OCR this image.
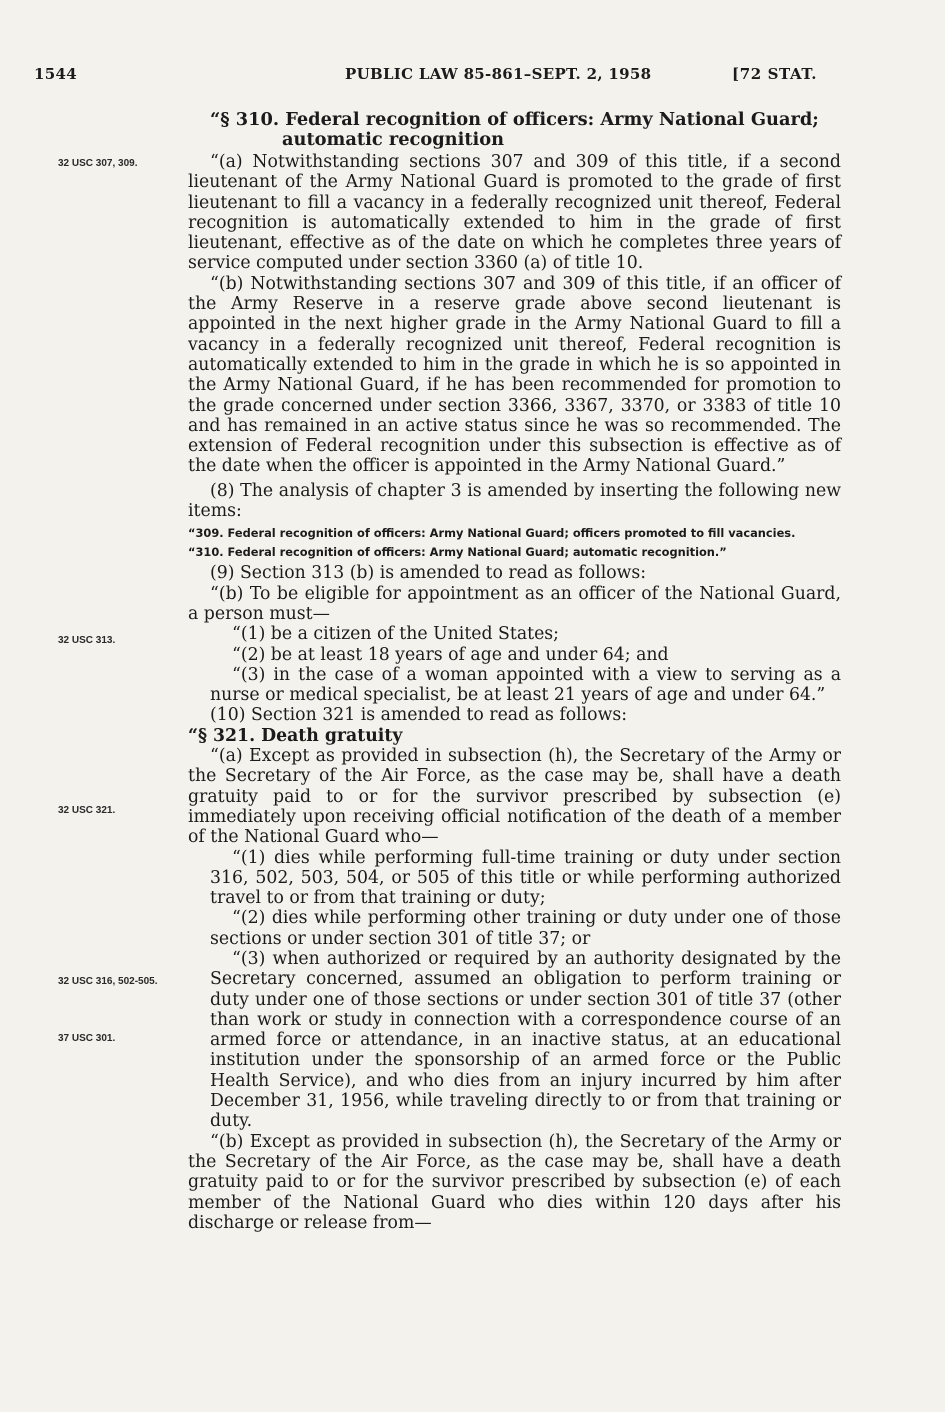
1544	PUBLIC LAW 85-861–SEPT. 2, 1958	[72 STAT.
32 USC 307, 309.
32 USC 313.
32 USC 321.
32 USC 316, 502-505.
37 USC 301.

“§ 310. Federal recognition of officers: Army National Guard; automatic recognition

“(a) Notwithstanding sections 307 and 309 of this title, if a second lieutenant of the Army National Guard is promoted to the grade of first lieutenant to fill a vacancy in a federally recognized unit thereof, Federal recognition is automatically extended to him in the grade of first lieutenant, effective as of the date on which he completes three years of service computed under section 3360 (a) of title 10.

“(b) Notwithstanding sections 307 and 309 of this title, if an officer of the Army Reserve in a reserve grade above second lieutenant is appointed in the next higher grade in the Army National Guard to fill a vacancy in a federally recognized unit thereof, Federal recognition is automatically extended to him in the grade in which he is so appointed in the Army National Guard, if he has been recommended for promotion to the grade concerned under section 3366, 3367, 3370, or 3383 of title 10 and has remained in an active status since he was so recommended. The extension of Federal recognition under this subsection is effective as of the date when the officer is appointed in the Army National Guard.”

(8) The analysis of chapter 3 is amended by inserting the following new items:

“309. Federal recognition of officers: Army National Guard; officers promoted to fill vacancies.

“310. Federal recognition of officers: Army National Guard; automatic recognition.”

(9) Section 313 (b) is amended to read as follows:

“(b) To be eligible for appointment as an officer of the National Guard, a person must—

“(1) be a citizen of the United States;

“(2) be at least 18 years of age and under 64; and

“(3) in the case of a woman appointed with a view to serving as a nurse or medical specialist, be at least 21 years of age and under 64.”

(10) Section 321 is amended to read as follows:

“§ 321. Death gratuity

“(a) Except as provided in subsection (h), the Secretary of the Army or the Secretary of the Air Force, as the case may be, shall have a death gratuity paid to or for the survivor prescribed by subsection (e) immediately upon receiving official notification of the death of a member of the National Guard who—

“(1) dies while performing full-time training or duty under section 316, 502, 503, 504, or 505 of this title or while performing authorized travel to or from that training or duty;

“(2) dies while performing other training or duty under one of those sections or under section 301 of title 37; or

“(3) when authorized or required by an authority designated by the Secretary concerned, assumed an obligation to perform training or duty under one of those sections or under section 301 of title 37 (other than work or study in connection with a correspondence course of an armed force or attendance, in an inactive status, at an educational institution under the sponsorship of an armed force or the Public Health Service), and who dies from an injury incurred by him after December 31, 1956, while traveling directly to or from that training or duty.

“(b) Except as provided in subsection (h), the Secretary of the Army or the Secretary of the Air Force, as the case may be, shall have a death gratuity paid to or for the survivor prescribed by subsection (e) of each member of the National Guard who dies within 120 days after his discharge or release from—
